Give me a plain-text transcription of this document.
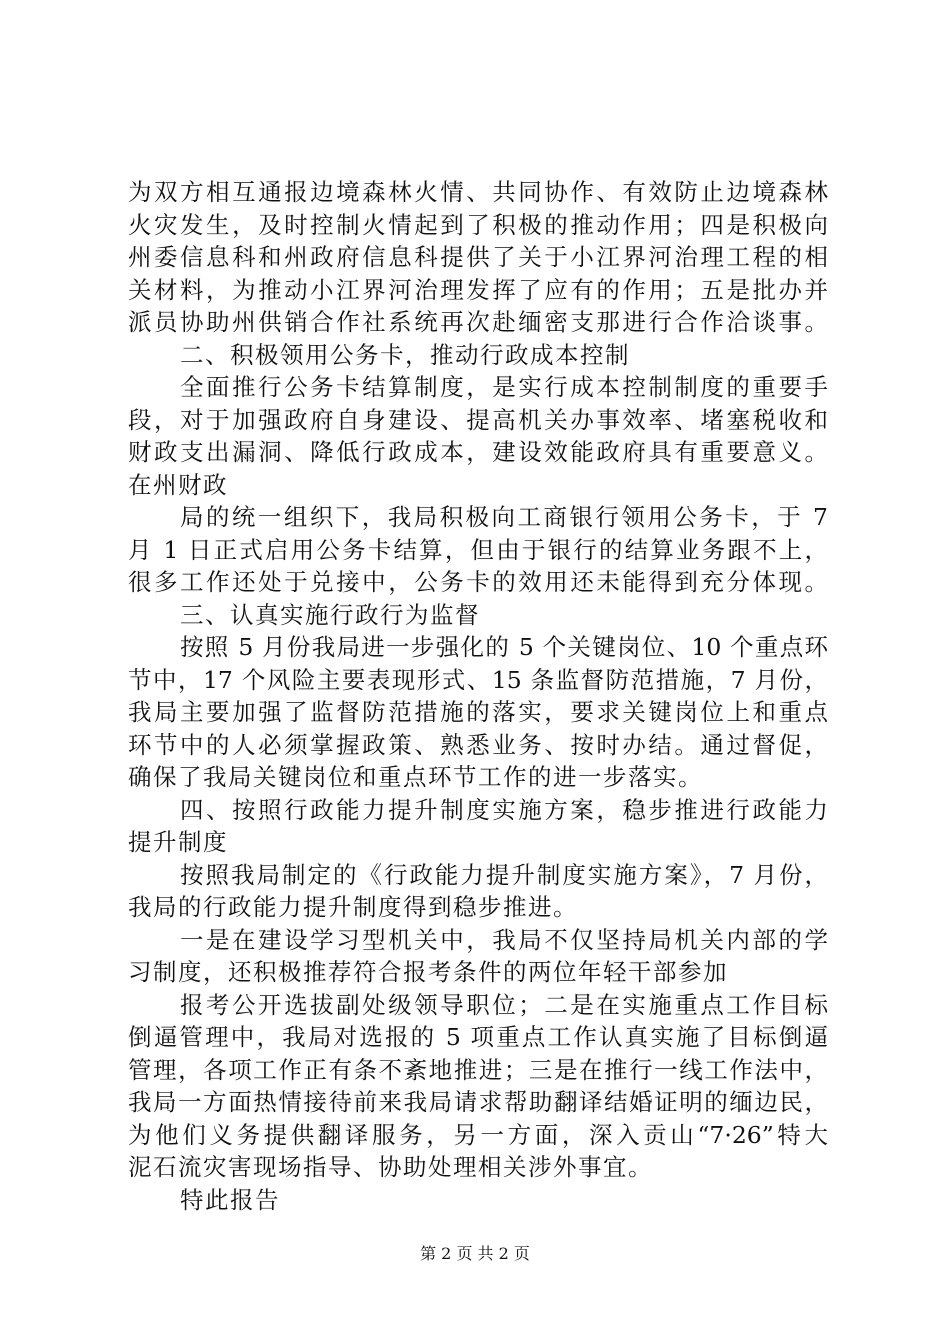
为双方相互通报边境森林火情、共同协作、有效防止边境森林
火灾发生，及时控制火情起到了积极的推动作用；四是积极向
州委信息科和州政府信息科提供了关于小江界河治理工程的相
关材料，为推动小江界河治理发挥了应有的作用；五是批办并
派员协助州供销合作社系统再次赴缅密支那进行合作洽谈事。
二、积极领用公务卡，推动行政成本控制
全面推行公务卡结算制度，是实行成本控制制度的重要手
段，对于加强政府自身建设、提高机关办事效率、堵塞税收和
财政支出漏洞、降低行政成本，建设效能政府具有重要意义。
在州财政
局的统一组织下，我局积极向工商银行领用公务卡，于 7
月 1 日正式启用公务卡结算，但由于银行的结算业务跟不上，
很多工作还处于兑接中，公务卡的效用还未能得到充分体现。
三、认真实施行政行为监督
按照 5 月份我局进一步强化的 5 个关键岗位、10 个重点环
节中，17 个风险主要表现形式、15 条监督防范措施，7 月份，
我局主要加强了监督防范措施的落实，要求关键岗位上和重点
环节中的人必须掌握政策、熟悉业务、按时办结。通过督促，
确保了我局关键岗位和重点环节工作的进一步落实。
四、按照行政能力提升制度实施方案，稳步推进行政能力
提升制度
按照我局制定的《行政能力提升制度实施方案》，7 月份，
我局的行政能力提升制度得到稳步推进。
一是在建设学习型机关中，我局不仅坚持局机关内部的学
习制度，还积极推荐符合报考条件的两位年轻干部参加
报考公开选拔副处级领导职位；二是在实施重点工作目标
倒逼管理中，我局对选报的 5 项重点工作认真实施了目标倒逼
管理，各项工作正有条不紊地推进；三是在推行一线工作法中，
我局一方面热情接待前来我局请求帮助翻译结婚证明的缅边民，
为他们义务提供翻译服务，另一方面，深入贡山“7·26”特大
泥石流灾害现场指导、协助处理相关涉外事宜。
特此报告
第 2 页 共 2 页
